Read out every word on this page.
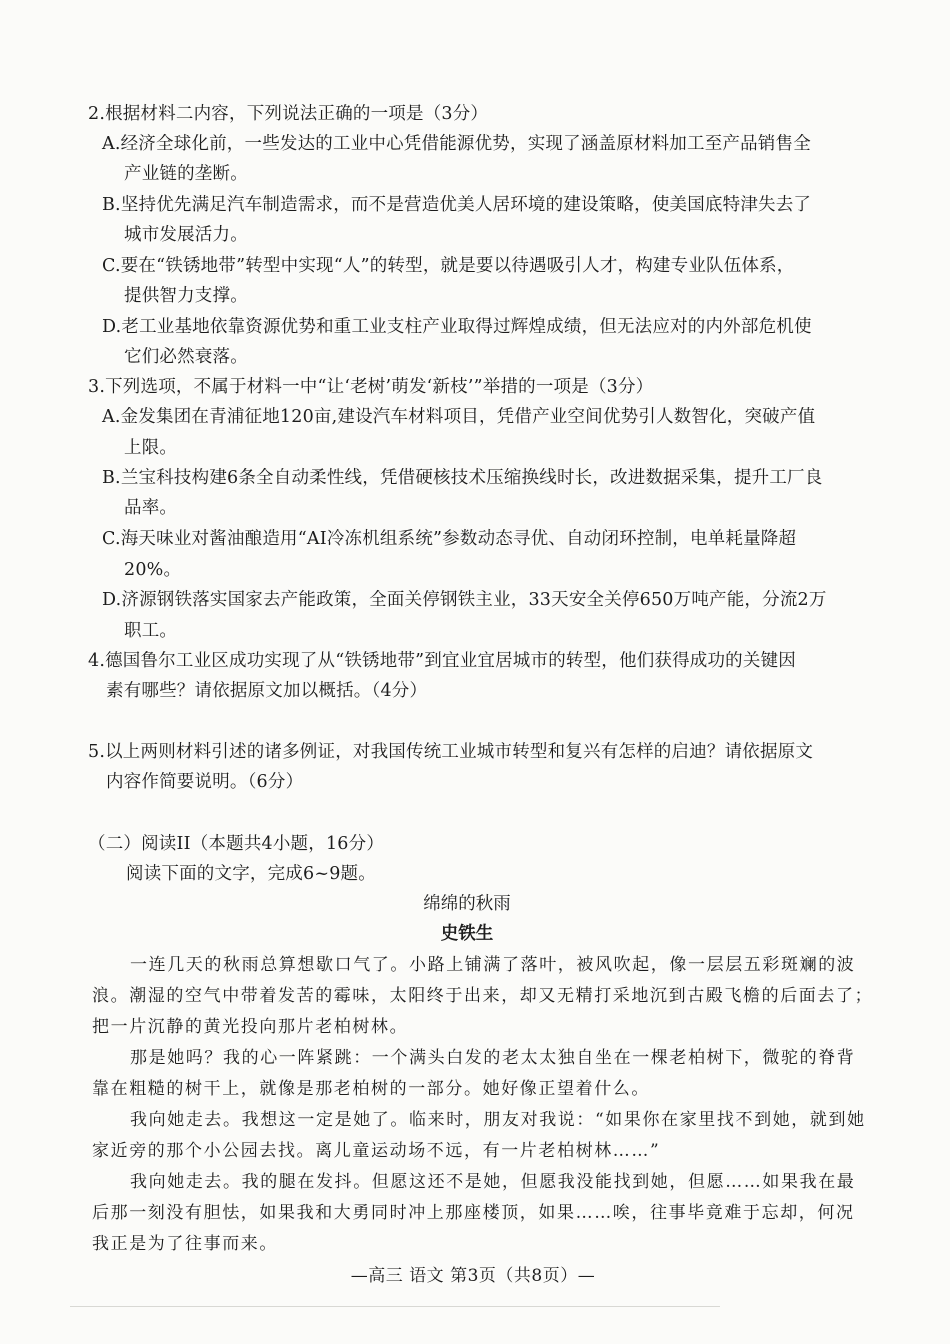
2.根据材料二内容，下列说法正确的一项是（3分）
A.经济全球化前，一些发达的工业中心凭借能源优势，实现了涵盖原材料加工至产品销售全
产业链的垄断。
B.坚持优先满足汽车制造需求，而不是营造优美人居环境的建设策略，使美国底特津失去了
城市发展活力。
C.要在“铁锈地带”转型中实现“人”的转型，就是要以待遇吸引人才，构建专业队伍体系，
提供智力支撑。
D.老工业基地依靠资源优势和重工业支柱产业取得过辉煌成绩，但无法应对的内外部危机使
它们必然衰落。
3.下列选项，不属于材料一中“让‘老树’萌发‘新枝’”举措的一项是（3分）
A.金发集团在青浦征地120亩,建设汽车材料项目，凭借产业空间优势引人数智化，突破产值
上限。
B.兰宝科技构建6条全自动柔性线，凭借硬核技术压缩换线时长，改进数据采集，提升工厂良
品率。
C.海天味业对酱油酿造用“AI冷冻机组系统”参数动态寻优、自动闭环控制，电单耗量降超
20%。
D.济源钢铁落实国家去产能政策，全面关停钢铁主业，33天安全关停650万吨产能，分流2万
职工。
4.德国鲁尔工业区成功实现了从“铁锈地带”到宜业宜居城市的转型，他们获得成功的关键因
素有哪些？请依据原文加以概括。（4分）
5.以上两则材料引述的诸多例证，对我国传统工业城市转型和复兴有怎样的启迪？请依据原文
内容作简要说明。（6分）
（二）阅读II（本题共4小题，16分）
阅读下面的文字，完成6~9题。
绵绵的秋雨
史铁生
一连几天的秋雨总算想歇口气了。小路上铺满了落叶，被风吹起，像一层层五彩斑斓的波
浪。潮湿的空气中带着发苦的霉味，太阳终于出来，却又无精打采地沉到古殿飞檐的后面去了；
把一片沉静的黄光投向那片老柏树林。
那是她吗？我的心一阵紧跳：一个满头白发的老太太独自坐在一棵老柏树下，微驼的脊背
靠在粗糙的树干上，就像是那老柏树的一部分。她好像正望着什么。
我向她走去。我想这一定是她了。临来时，朋友对我说：“如果你在家里找不到她，就到她
家近旁的那个小公园去找。离儿童运动场不远，有一片老柏树林……”
我向她走去。我的腿在发抖。但愿这还不是她，但愿我没能找到她，但愿……如果我在最
后那一刻没有胆怯，如果我和大勇同时冲上那座楼顶，如果……唉，往事毕竟难于忘却，何况
我正是为了往事而来。
—高三 语文 第3页（共8页）—
